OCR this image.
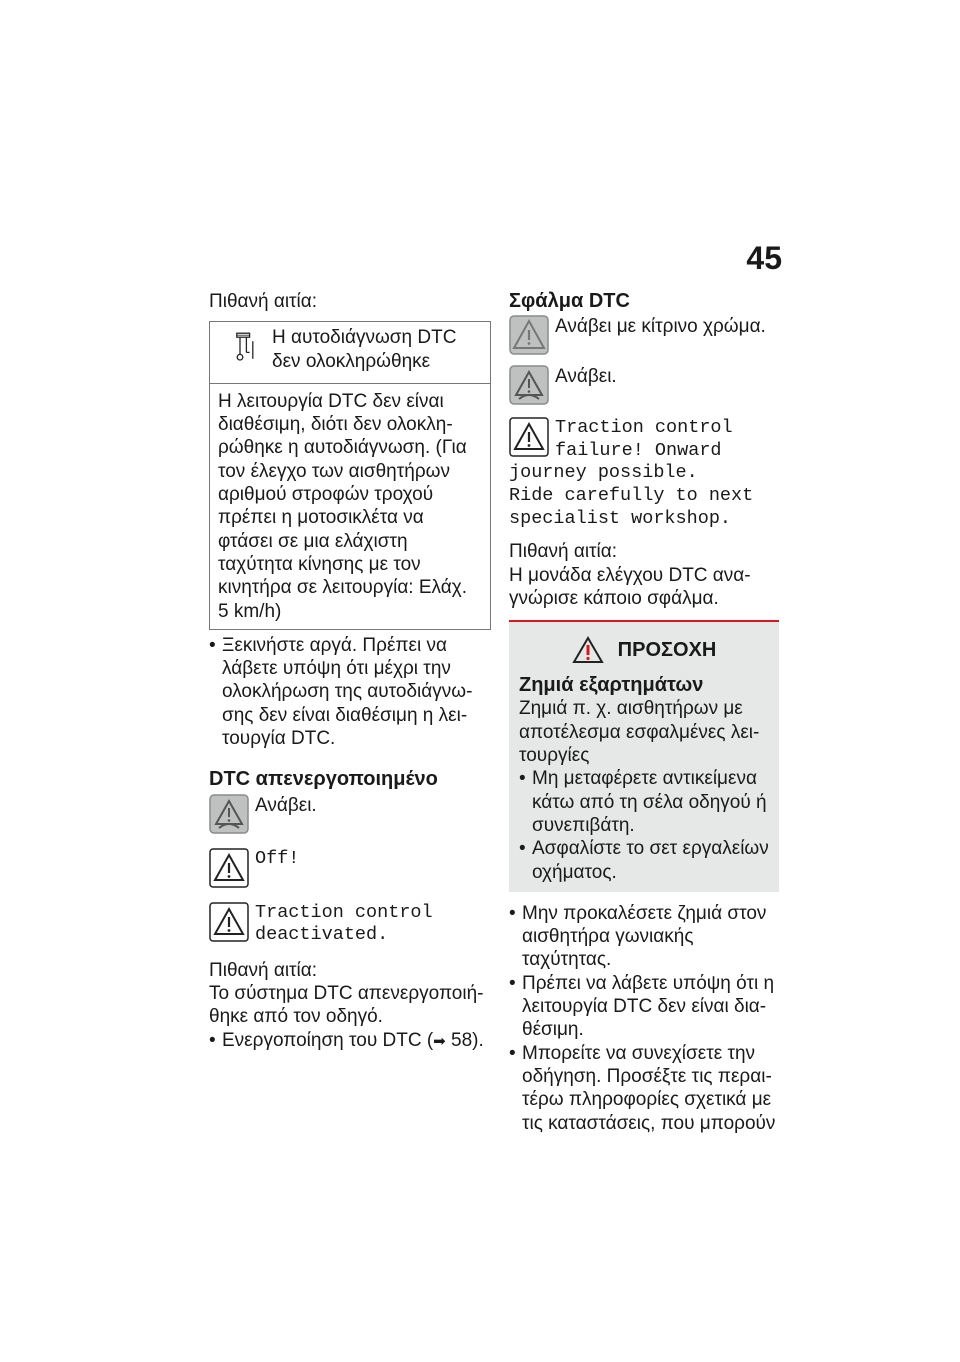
45

Πιθανή αιτία:

Η αυτοδιάγνωση DTC

δεν ολοκληρώθηκε

Η λειτουργία DTC δεν είναι

διαθέσιμη, διότι δεν ολοκλη-

ρώθηκε η αυτοδιάγνωση. (Για

τον έλεγχο των αισθητήρων

αριθμού στροφών τροχού

πρέπει η μοτοσικλέτα να

φτάσει σε μια ελάχιστη

ταχύτητα κίνησης με τον

κινητήρα σε λειτουργία: Ελάχ.

5 km/h)

• Ξεκινήστε αργά. Πρέπει να

λάβετε υπόψη ότι μέχρι την

ολοκλήρωση της αυτοδιάγνω-

σης δεν είναι διαθέσιμη η λει-

τουργία DTC.

DTC απενεργοποιημένο

Ανάβει.

Off!

Traction control

deactivated.

Πιθανή αιτία:

Το σύστημα DTC απενεργοποιή-

θηκε από τον οδηγό.

• Ενεργοποίηση του DTC (➡ 58).

Σφάλμα DTC

Ανάβει με κίτρινο χρώμα.

Ανάβει.

Traction control

failure! Onward

journey possible.

Ride carefully to next

specialist workshop.

Πιθανή αιτία:

Η μονάδα ελέγχου DTC ανα-

γνώρισε κάποιο σφάλμα.

ΠΡΟΣΟΧΗ

Ζημιά εξαρτημάτων

Ζημιά π. χ. αισθητήρων με

αποτέλεσμα εσφαλμένες λει-

τουργίες

• Μη μεταφέρετε αντικείμενα

κάτω από τη σέλα οδηγού ή

συνεπιβάτη.

• Ασφαλίστε το σετ εργαλείων

οχήματος.

• Μην προκαλέσετε ζημιά στον

αισθητήρα γωνιακής ταχύτητας.

• Πρέπει να λάβετε υπόψη ότι η

λειτουργία DTC δεν είναι δια-

θέσιμη.

• Μπορείτε να συνεχίσετε την

οδήγηση. Προσέξτε τις περαι-

τέρω πληροφορίες σχετικά με

τις καταστάσεις, που μπορούν
